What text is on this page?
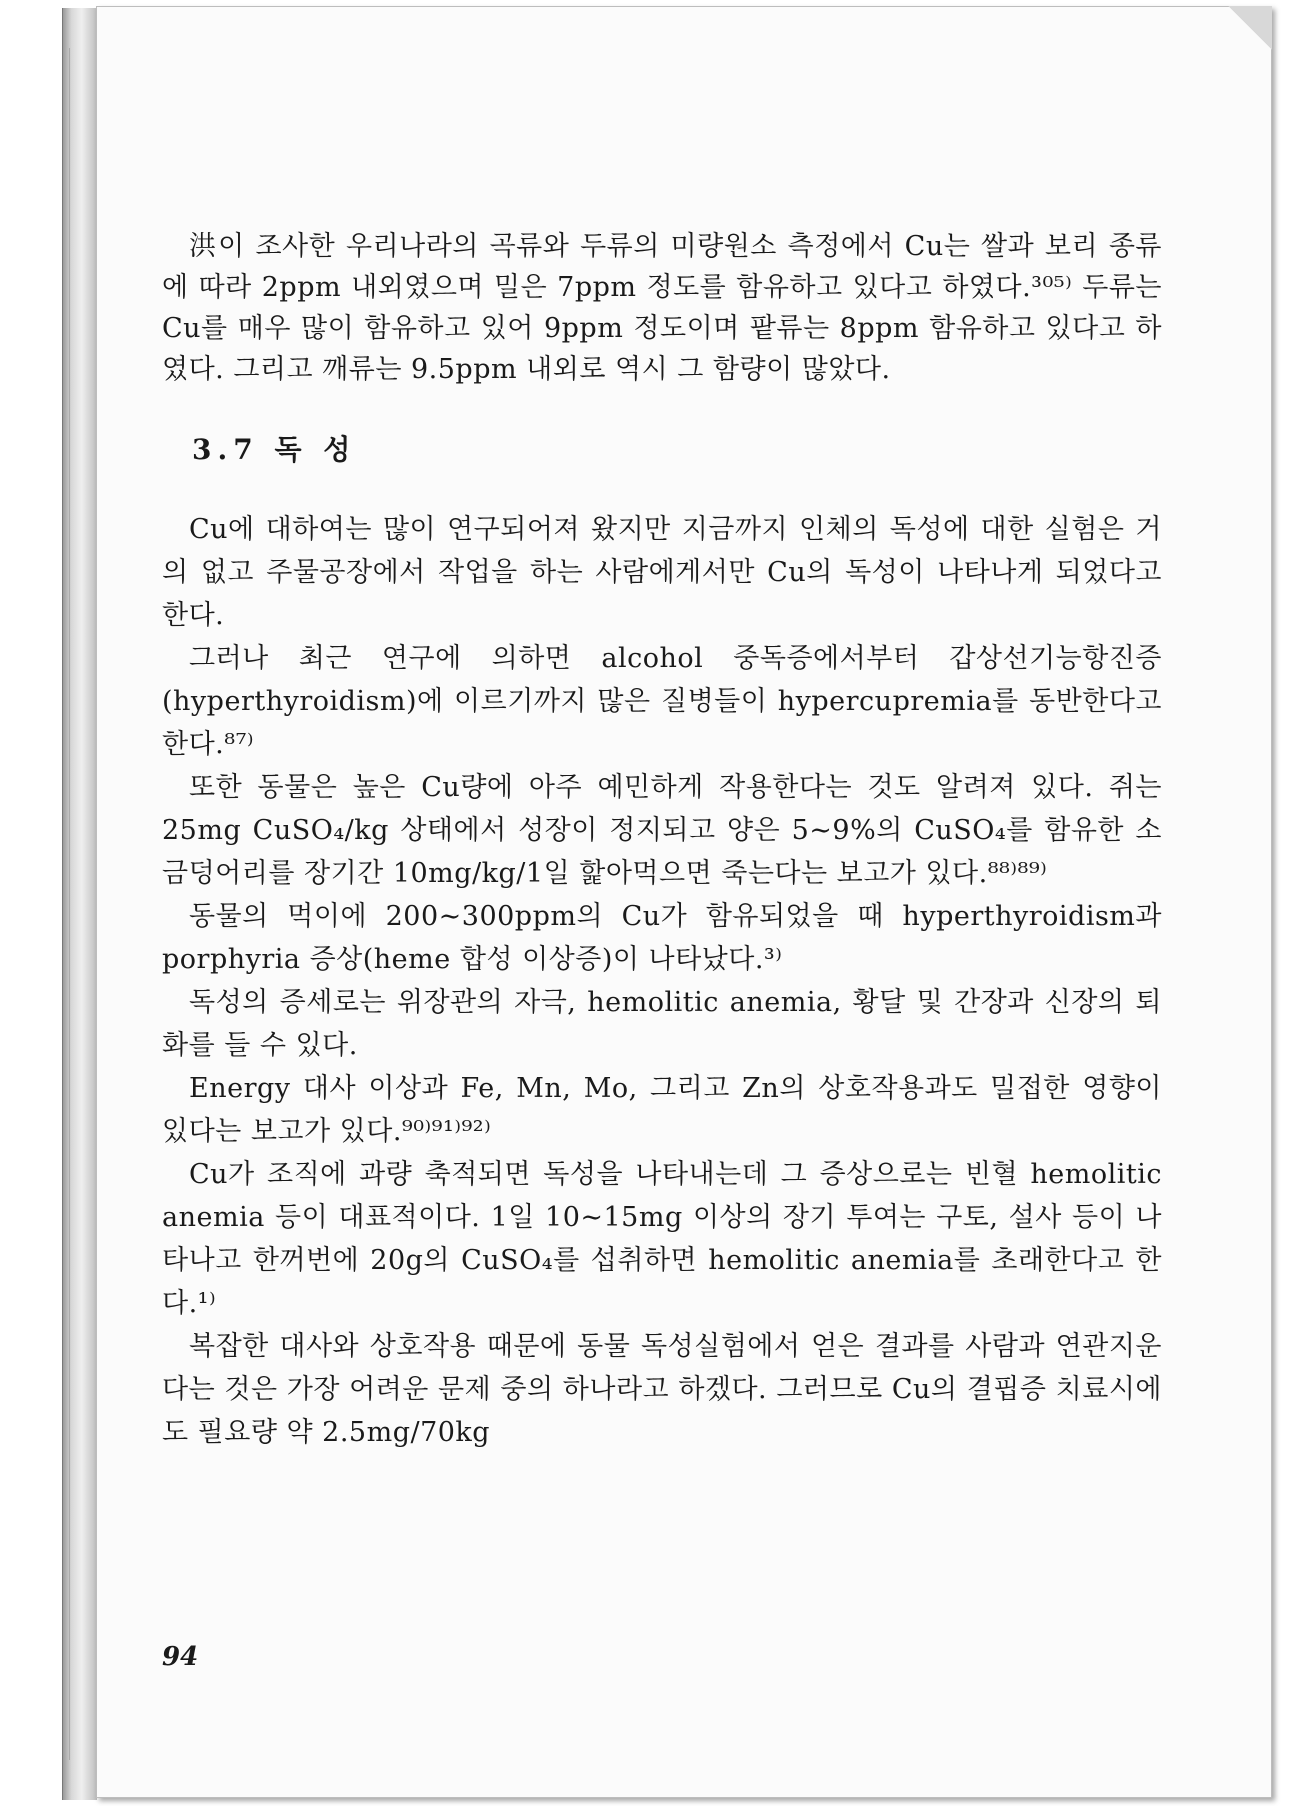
洪이 조사한 우리나라의 곡류와 두류의 미량원소 측정에서 Cu는 쌀과 보리 종류에 따라 2ppm 내외였으며 밀은 7ppm 정도를 함유하고 있다고 하였다.³⁰⁵⁾ 두류는 Cu를 매우 많이 함유하고 있어 9ppm 정도이며 팥류는 8ppm 함유하고 있다고 하였다. 그리고 깨류는 9.5ppm 내외로 역시 그 함량이 많았다.

3.7 독 성

Cu에 대하여는 많이 연구되어져 왔지만 지금까지 인체의 독성에 대한 실험은 거의 없고 주물공장에서 작업을 하는 사람에게서만 Cu의 독성이 나타나게 되었다고 한다.

그러나 최근 연구에 의하면 alcohol 중독증에서부터 갑상선기능항진증(hyperthyroidism)에 이르기까지 많은 질병들이 hypercupremia를 동반한다고 한다.⁸⁷⁾

또한 동물은 높은 Cu량에 아주 예민하게 작용한다는 것도 알려져 있다. 쥐는 25mg CuSO₄/kg 상태에서 성장이 정지되고 양은 5∼9%의 CuSO₄를 함유한 소금덩어리를 장기간 10mg/kg/1일 핥아먹으면 죽는다는 보고가 있다.⁸⁸⁾⁸⁹⁾

동물의 먹이에 200∼300ppm의 Cu가 함유되었을 때 hyperthyroidism과 porphyria 증상(heme 합성 이상증)이 나타났다.³⁾

독성의 증세로는 위장관의 자극, hemolitic anemia, 황달 및 간장과 신장의 퇴화를 들 수 있다.

Energy 대사 이상과 Fe, Mn, Mo, 그리고 Zn의 상호작용과도 밀접한 영향이 있다는 보고가 있다.⁹⁰⁾⁹¹⁾⁹²⁾

Cu가 조직에 과량 축적되면 독성을 나타내는데 그 증상으로는 빈혈 hemolitic anemia 등이 대표적이다. 1일 10∼15mg 이상의 장기 투여는 구토, 설사 등이 나타나고 한꺼번에 20g의 CuSO₄를 섭취하면 hemolitic anemia를 초래한다고 한다.¹⁾

복잡한 대사와 상호작용 때문에 동물 독성실험에서 얻은 결과를 사람과 연관지운다는 것은 가장 어려운 문제 중의 하나라고 하겠다. 그러므로 Cu의 결핍증 치료시에도 필요량 약 2.5mg/70kg

94
